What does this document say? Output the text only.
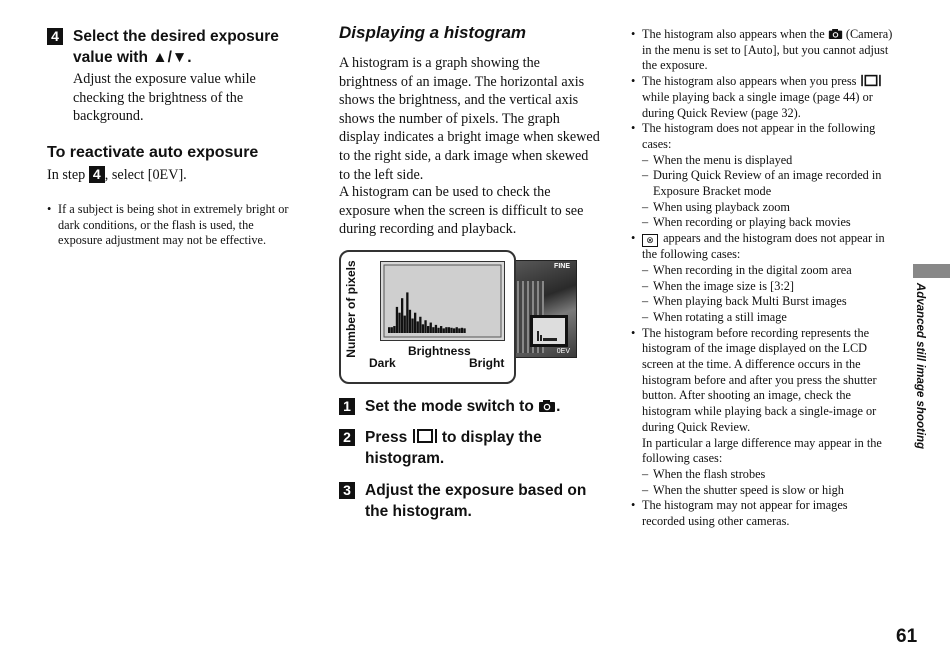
4 Select the desired exposure value with ▲/▼.
Adjust the exposure value while checking the brightness of the background.
To reactivate auto exposure
In step 4 , select [0EV].
• If a subject is being shot in extremely bright or dark conditions, or the flash is used, the exposure adjustment may not be effective.
Displaying a histogram
A histogram is a graph showing the brightness of an image. The horizontal axis shows the brightness, and the vertical axis shows the number of pixels. The graph display indicates a bright image when skewed to the right side, a dark image when skewed to the left side.
A histogram can be used to check the exposure when the screen is difficult to see during recording and playback.
FINE
0EV
Number of pixels	Brightness
Dark	Bright
1 Set the mode switch to .
2 Press to display the histogram.
3 Adjust the exposure based on the histogram.
• The histogram also appears when the (Camera) in the menu is set to [Auto], but you cannot adjust the exposure.
• The histogram also appears when you press  while playing back a single image (page 44) or during Quick Review (page 32).
• The histogram does not appear in the following cases:
– When the menu is displayed
– During Quick Review of an image recorded in Exposure Bracket mode
– When using playback zoom
– When recording or playing back movies
• ⊗ appears and the histogram does not appear in the following cases:
– When recording in the digital zoom area
– When the image size is [3:2]
– When playing back Multi Burst images
– When rotating a still image
• The histogram before recording represents the histogram of the image displayed on the LCD screen at the time. A difference occurs in the histogram before and after you press the shutter button. After shooting an image, check the histogram while playing back a single-image or during Quick Review.
In particular a large difference may appear in the following cases:
– When the flash strobes
– When the shutter speed is slow or high
• The histogram may not appear for images recorded using other cameras.
Advanced still image shooting
61
